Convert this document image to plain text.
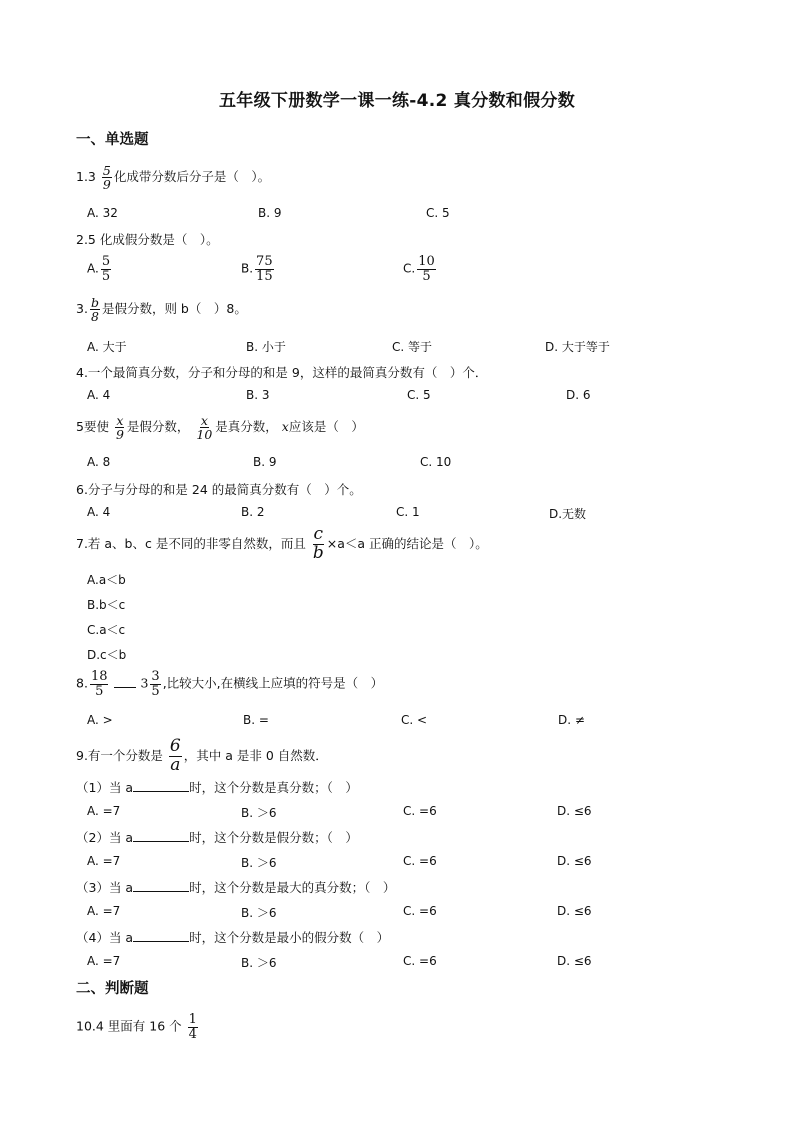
五年级下册数学一课一练-4.2 真分数和假分数
一、单选题
$1.3 \frac{5}{9}$ 化成带分数后分子是（　）。
A. 32	B. 9	C. 5
2.5 化成假分数是（　）。
A. $\frac{5}{5}$	B. $\frac{75}{15}$	C. $\frac{10}{5}$
3. $\frac{b}{8}$ 是假分数，则 b（　）8。
A. 大于	B. 小于	C. 等于	D. 大于等于
4.一个最简真分数，分子和分母的和是 9，这样的最简真分数有（　）个．
A. 4	B. 3	C. 5	D. 6
5要使 $\frac{x}{9}$ 是假分数， $\frac{x}{10}$ 是真分数， x应该是（　）
A. 8	B. 9	C. 10
6.分子与分母的和是 24 的最简真分数有（　）个。
A. 4	B. 2	C. 1	D.无数
7.若 a、b、c 是不同的非零自然数，而且 $\frac{c}{b} \times a<a$ 正确的结论是（　）。
A.a＜b
B.b＜c
C.a＜c
D.c＜b
8. $\frac{18}{5}$	$3 \frac{3}{5}$ ,比较大小,在横线上应填的符号是（　）
A. >	B. =	C. <	D. ≠
9.有一个分数是 $\frac{6}{a}$ ，其中 a 是非 0 自然数．
（1）当 a	时，这个分数是真分数；（　）
A. =7	B. ＞6	C. =6	D. ≤6
（2）当 a	时，这个分数是假分数；（　）
A. =7	B. ＞6	C. =6	D. ≤6
（3）当 a	时，这个分数是最大的真分数；（　）
A. =7	B. ＞6	C. =6	D. ≤6
（4）当 a	时，这个分数是最小的假分数（　）
A. =7	B. ＞6	C. =6	D. ≤6
二、判断题
10.4 里面有 16 个 $\frac{1}{4}$
